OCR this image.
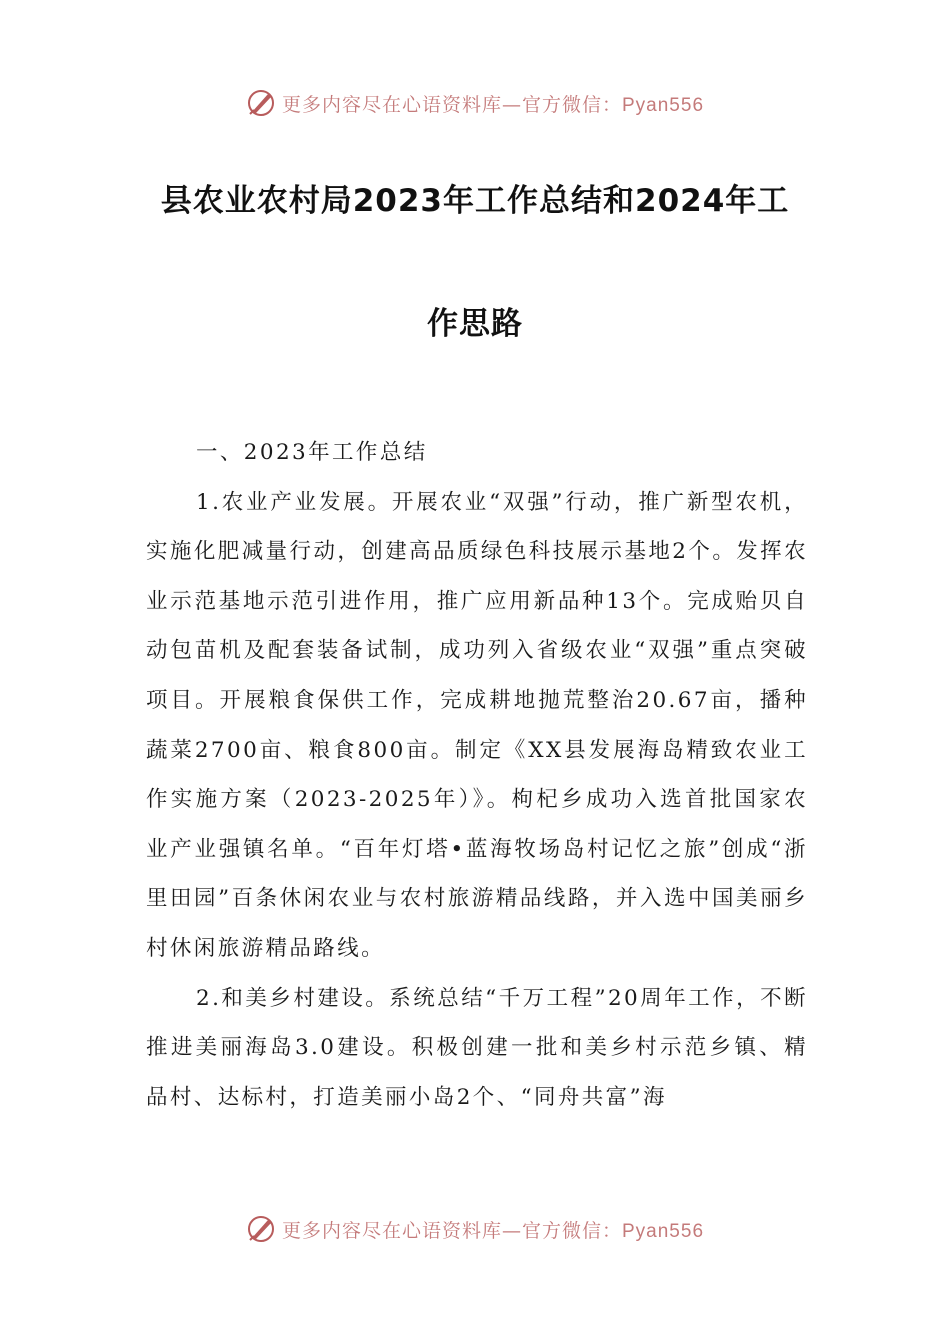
更多内容尽在心语资料库—官方微信：Pyan556
县农业农村局2023年工作总结和2024年工
作思路

一、2023年工作总结

1.农业产业发展。开展农业“双强”行动，推广新型农机，实施化肥减量行动，创建高品质绿色科技展示基地2个。发挥农业示范基地示范引进作用，推广应用新品种13个。完成贻贝自动包苗机及配套装备试制，成功列入省级农业“双强”重点突破项目。开展粮食保供工作，完成耕地抛荒整治20.67亩，播种蔬菜2700亩、粮食800亩。制定《XX县发展海岛精致农业工作实施方案（2023-2025年）》。枸杞乡成功入选首批国家农业产业强镇名单。“百年灯塔•蓝海牧场岛村记忆之旅”创成“浙里田园”百条休闲农业与农村旅游精品线路，并入选中国美丽乡村休闲旅游精品路线。

2.和美乡村建设。系统总结“千万工程”20周年工作，不断推进美丽海岛3.0建设。积极创建一批和美乡村示范乡镇、精品村、达标村，打造美丽小岛2个、“同舟共富”海

更多内容尽在心语资料库—官方微信：Pyan556
